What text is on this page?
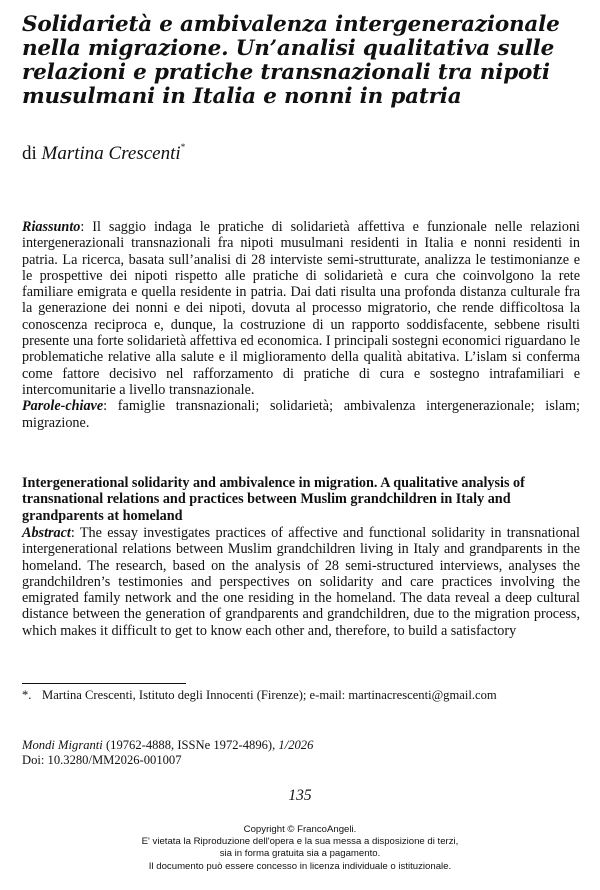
Solidarietà e ambivalenza intergenerazionale nella migrazione. Un’analisi qualitativa sulle relazioni e pratiche transnazionali tra nipoti musulmani in Italia e nonni in patria
di Martina Crescenti*

Riassunto: Il saggio indaga le pratiche di solidarietà affettiva e funzionale nelle relazioni intergenerazionali transnazionali fra nipoti musulmani residenti in Italia e nonni residenti in patria. La ricerca, basata sull’analisi di 28 interviste semi-strutturate, analizza le testimonianze e le prospettive dei nipoti rispetto alle pratiche di solidarietà e cura che coinvolgono la rete familiare emigrata e quella residente in patria. Dai dati risulta una profonda distanza culturale fra la generazione dei nonni e dei nipoti, dovuta al processo migratorio, che rende difficoltosa la conoscenza reciproca e, dunque, la costruzione di un rapporto soddisfacente, sebbene risulti presente una forte solidarietà affettiva ed economica. I principali sostegni economici riguardano le problematiche relative alla salute e il miglioramento della qualità abitativa. L’islam si conferma come fattore decisivo nel rafforzamento di pratiche di cura e sostegno intrafamiliari e intercomunitarie a livello transnazionale.
Parole-chiave: famiglie transnazionali; solidarietà; ambivalenza intergenerazionale; islam; migrazione.

Intergenerational solidarity and ambivalence in migration. A qualitative analysis of transnational relations and practices between Muslim grandchildren in Italy and grandparents at homeland

Abstract: The essay investigates practices of affective and functional solidarity in transnational intergenerational relations between Muslim grandchildren living in Italy and grandparents in the homeland. The research, based on the analysis of 28 semi-structured interviews, analyses the grandchildren’s testimonies and perspectives on solidarity and care practices involving the emigrated family network and the one residing in the homeland. The data reveal a deep cultural distance between the generation of grandparents and grandchildren, due to the migration process, which makes it difficult to get to know each other and, therefore, to build a satisfactory

*. Martina Crescenti, Istituto degli Innocenti (Firenze); e-mail: martinacrescenti@gmail.com
Mondi Migranti (19762-4888, ISSNe 1972-4896), 1/2026
Doi: 10.3280/MM2026-001007
135
Copyright © FrancoAngeli.
E' vietata la Riproduzione dell'opera e la sua messa a disposizione di terzi,
sia in forma gratuita sia a pagamento.
Il documento può essere concesso in licenza individuale o istituzionale.
